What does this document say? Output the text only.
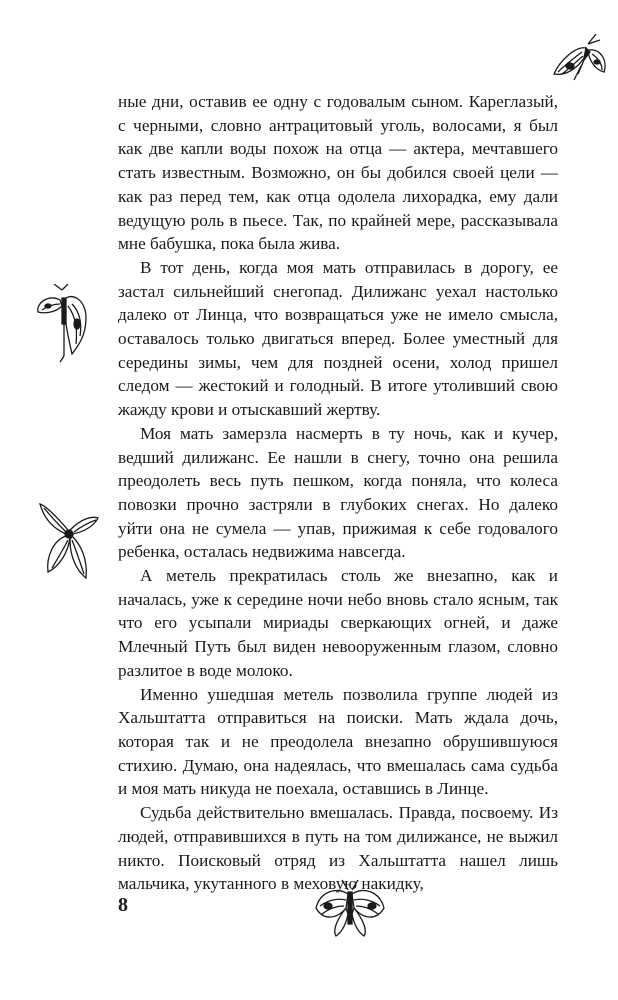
ные дни, оставив ее одну с годовалым сыном. Кареглазый, с черными, словно антрацитовый уголь, волосами, я был как две капли воды похож на отца — актера, мечтавшего стать известным. Возможно, он бы добился своей цели — как раз перед тем, как отца одолела лихорадка, ему дали ведущую роль в пьесе. Так, по крайней мере, рассказывала мне бабушка, пока была жива.

В тот день, когда моя мать отправилась в дорогу, ее застал сильнейший снегопад. Дилижанс уехал настолько далеко от Линца, что возвращаться уже не имело смысла, оставалось только двигаться вперед. Более уместный для середины зимы, чем для поздней осени, холод пришел следом — жестокий и голодный. В итоге утоливший свою жажду крови и отыскавший жертву.

Моя мать замерзла насмерть в ту ночь, как и кучер, ведший дилижанс. Ее нашли в снегу, точно она решила преодолеть весь путь пешком, когда поняла, что колеса повозки прочно застряли в глубоких снегах. Но далеко уйти она не сумела — упав, прижимая к себе годовалого ребенка, осталась недвижима навсегда.

А метель прекратилась столь же внезапно, как и началась, уже к середине ночи небо вновь стало ясным, так что его усыпали мириады сверкающих огней, и даже Млечный Путь был виден невооруженным глазом, словно разлитое в воде молоко.

Именно ушедшая метель позволила группе людей из Хальштатта отправиться на поиски. Мать ждала дочь, которая так и не преодолела внезапно обрушившуюся стихию. Думаю, она надеялась, что вмешалась сама судьба и моя мать никуда не поехала, оставшись в Линце.

Судьба действительно вмешалась. Правда, посвоему. Из людей, отправившихся в путь на том дилижансе, не выжил никто. Поисковый отряд из Хальштатта нашел лишь мальчика, укутанного в меховую накидку,

8
